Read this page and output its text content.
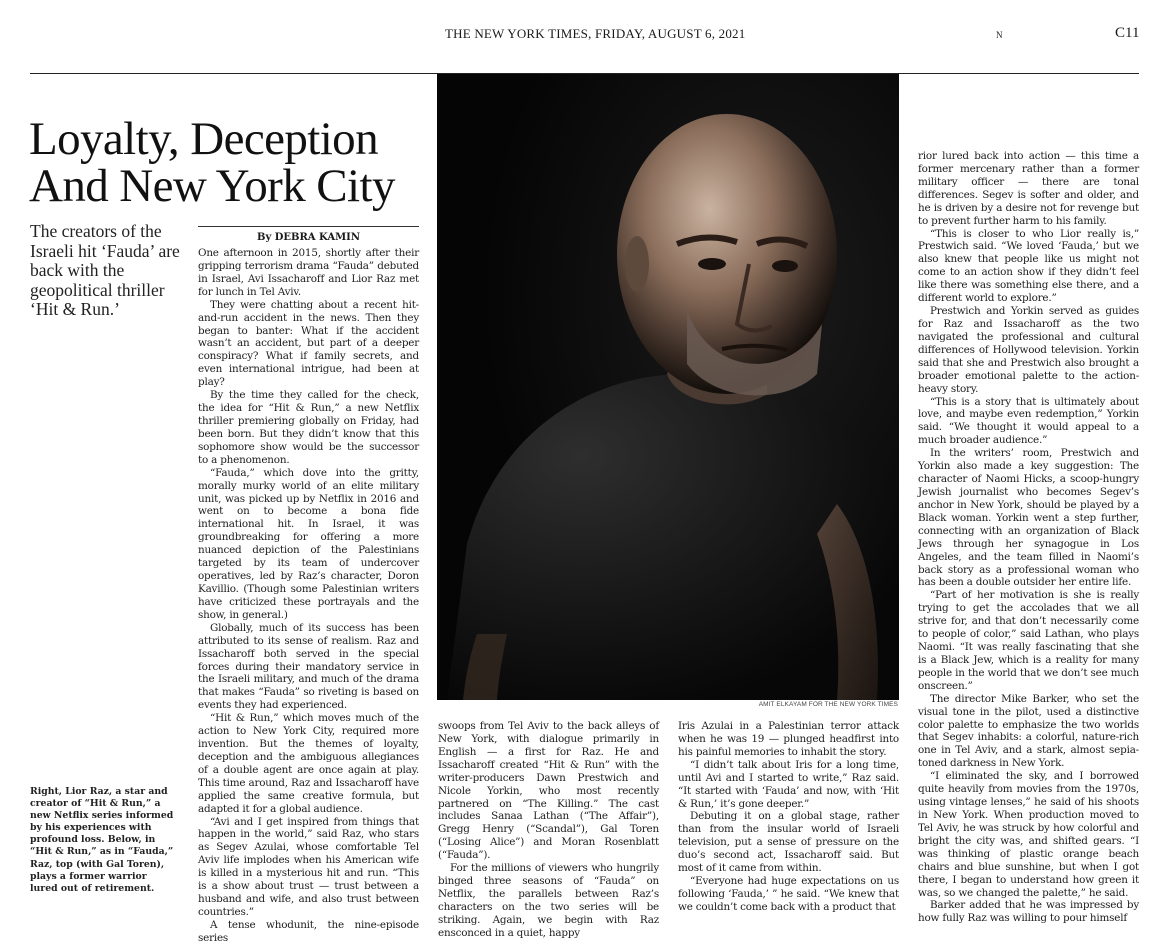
THE NEW YORK TIMES, FRIDAY, AUGUST 6, 2021	N	C11
Loyalty, Deception
And New York City
The creators of the Israeli hit ‘Fauda’ are back with the geopolitical thriller ‘Hit & Run.’
By DEBRA KAMIN

One afternoon in 2015, shortly after their gripping terrorism drama “Fauda” debuted in Israel, Avi Issacharoff and Lior Raz met for lunch in Tel Aviv.

They were chatting about a recent hit-and-run accident in the news. Then they began to banter: What if the accident wasn’t an accident, but part of a deeper conspiracy? What if family secrets, and even international intrigue, had been at play?

By the time they called for the check, the idea for “Hit & Run,” a new Netflix thriller premiering globally on Friday, had been born. But they didn’t know that this sophomore show would be the successor to a phenomenon.

“Fauda,” which dove into the gritty, morally murky world of an elite military unit, was picked up by Netflix in 2016 and went on to become a bona fide international hit. In Israel, it was groundbreaking for offering a more nuanced depiction of the Palestinians targeted by its team of undercover operatives, led by Raz’s character, Doron Kavillio. (Though some Palestinian writers have criticized these portrayals and the show, in general.)

Globally, much of its success has been attributed to its sense of realism. Raz and Issacharoff both served in the special forces during their mandatory service in the Israeli military, and much of the drama that makes “Fauda” so riveting is based on events they had experienced.

“Hit & Run,” which moves much of the action to New York City, required more invention. But the themes of loyalty, deception and the ambiguous allegiances of a double agent are once again at play. This time around, Raz and Issacharoff have applied the same creative formula, but adapted it for a global audience.

“Avi and I get inspired from things that happen in the world,” said Raz, who stars as Segev Azulai, whose comfortable Tel Aviv life implodes when his American wife is killed in a mysterious hit and run. “This is a show about trust — trust between a husband and wife, and also trust between countries.”

A tense whodunit, the nine-episode series

AMIT ELKAYAM FOR THE NEW YORK TIMES
Right, Lior Raz, a star and creator of “Hit & Run,” a new Netflix series informed by his experiences with profound loss. Below, in “Hit & Run,” as in “Fauda,” Raz, top (with Gal Toren), plays a former warrior lured out of retirement.

swoops from Tel Aviv to the back alleys of New York, with dialogue primarily in English — a first for Raz. He and Issacharoff created “Hit & Run” with the writer-producers Dawn Prestwich and Nicole Yorkin, who most recently partnered on “The Killing.” The cast includes Sanaa Lathan (“The Affair”), Gregg Henry (“Scandal”), Gal Toren (“Losing Alice”) and Moran Rosenblatt (“Fauda”).

For the millions of viewers who hungrily binged three seasons of “Fauda” on Netflix, the parallels between Raz’s characters on the two series will be striking. Again, we begin with Raz ensconced in a quiet, happy

Iris Azulai in a Palestinian terror attack when he was 19 — plunged headfirst into his painful memories to inhabit the story.

“I didn’t talk about Iris for a long time, until Avi and I started to write,” Raz said. “It started with ‘Fauda’ and now, with ‘Hit & Run,’ it’s gone deeper.”

Debuting it on a global stage, rather than from the insular world of Israeli television, put a sense of pressure on the duo’s second act, Issacharoff said. But most of it came from within.

“Everyone had huge expectations on us following ‘Fauda,’ ” he said. “We knew that we couldn’t come back with a product that

rior lured back into action — this time a former mercenary rather than a former military officer — there are tonal differences. Segev is softer and older, and he is driven by a desire not for revenge but to prevent further harm to his family.

“This is closer to who Lior really is,” Prestwich said. “We loved ‘Fauda,’ but we also knew that people like us might not come to an action show if they didn’t feel like there was something else there, and a different world to explore.”

Prestwich and Yorkin served as guides for Raz and Issacharoff as the two navigated the professional and cultural differences of Hollywood television. Yorkin said that she and Prestwich also brought a broader emotional palette to the action-heavy story.

“This is a story that is ultimately about love, and maybe even redemption,” Yorkin said. “We thought it would appeal to a much broader audience.”

In the writers’ room, Prestwich and Yorkin also made a key suggestion: The character of Naomi Hicks, a scoop-hungry Jewish journalist who becomes Segev’s anchor in New York, should be played by a Black woman. Yorkin went a step further, connecting with an organization of Black Jews through her synagogue in Los Angeles, and the team filled in Naomi’s back story as a professional woman who has been a double outsider her entire life.

“Part of her motivation is she is really trying to get the accolades that we all strive for, and that don’t necessarily come to people of color,” said Lathan, who plays Naomi. “It was really fascinating that she is a Black Jew, which is a reality for many people in the world that we don’t see much onscreen.”

The director Mike Barker, who set the visual tone in the pilot, used a distinctive color palette to emphasize the two worlds that Segev inhabits: a colorful, nature-rich one in Tel Aviv, and a stark, almost sepia-toned darkness in New York.

“I eliminated the sky, and I borrowed quite heavily from movies from the 1970s, using vintage lenses,” he said of his shoots in New York. When production moved to Tel Aviv, he was struck by how colorful and bright the city was, and shifted gears. “I was thinking of plastic orange beach chairs and blue sunshine, but when I got there, I began to understand how green it was, so we changed the palette,” he said.

Barker added that he was impressed by how fully Raz was willing to pour himself
